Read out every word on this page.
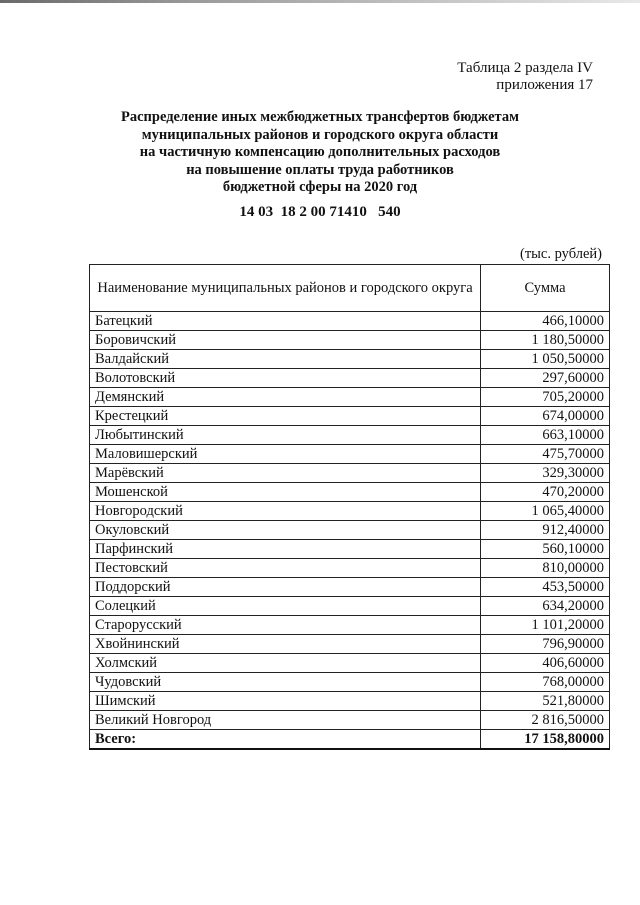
Таблица 2 раздела IV
приложения 17
Распределение иных межбюджетных трансфертов бюджетам
муниципальных районов и городского округа области
на частичную компенсацию дополнительных расходов
на повышение оплаты труда работников
бюджетной сферы на 2020 год
14 03  18 2 00 71410   540
(тыс. рублей)
Наименование муниципальных районов и городского округа	Сумма
Батецкий	466,10000
Боровичский	1 180,50000
Валдайский	1 050,50000
Волотовский	297,60000
Демянский	705,20000
Крестецкий	674,00000
Любытинский	663,10000
Маловишерский	475,70000
Марёвский	329,30000
Мошенской	470,20000
Новгородский	1 065,40000
Окуловский	912,40000
Парфинский	560,10000
Пестовский	810,00000
Поддорский	453,50000
Солецкий	634,20000
Старорусский	1 101,20000
Хвойнинский	796,90000
Холмский	406,60000
Чудовский	768,00000
Шимский	521,80000
Великий Новгород	2 816,50000
Всего:	17 158,80000
